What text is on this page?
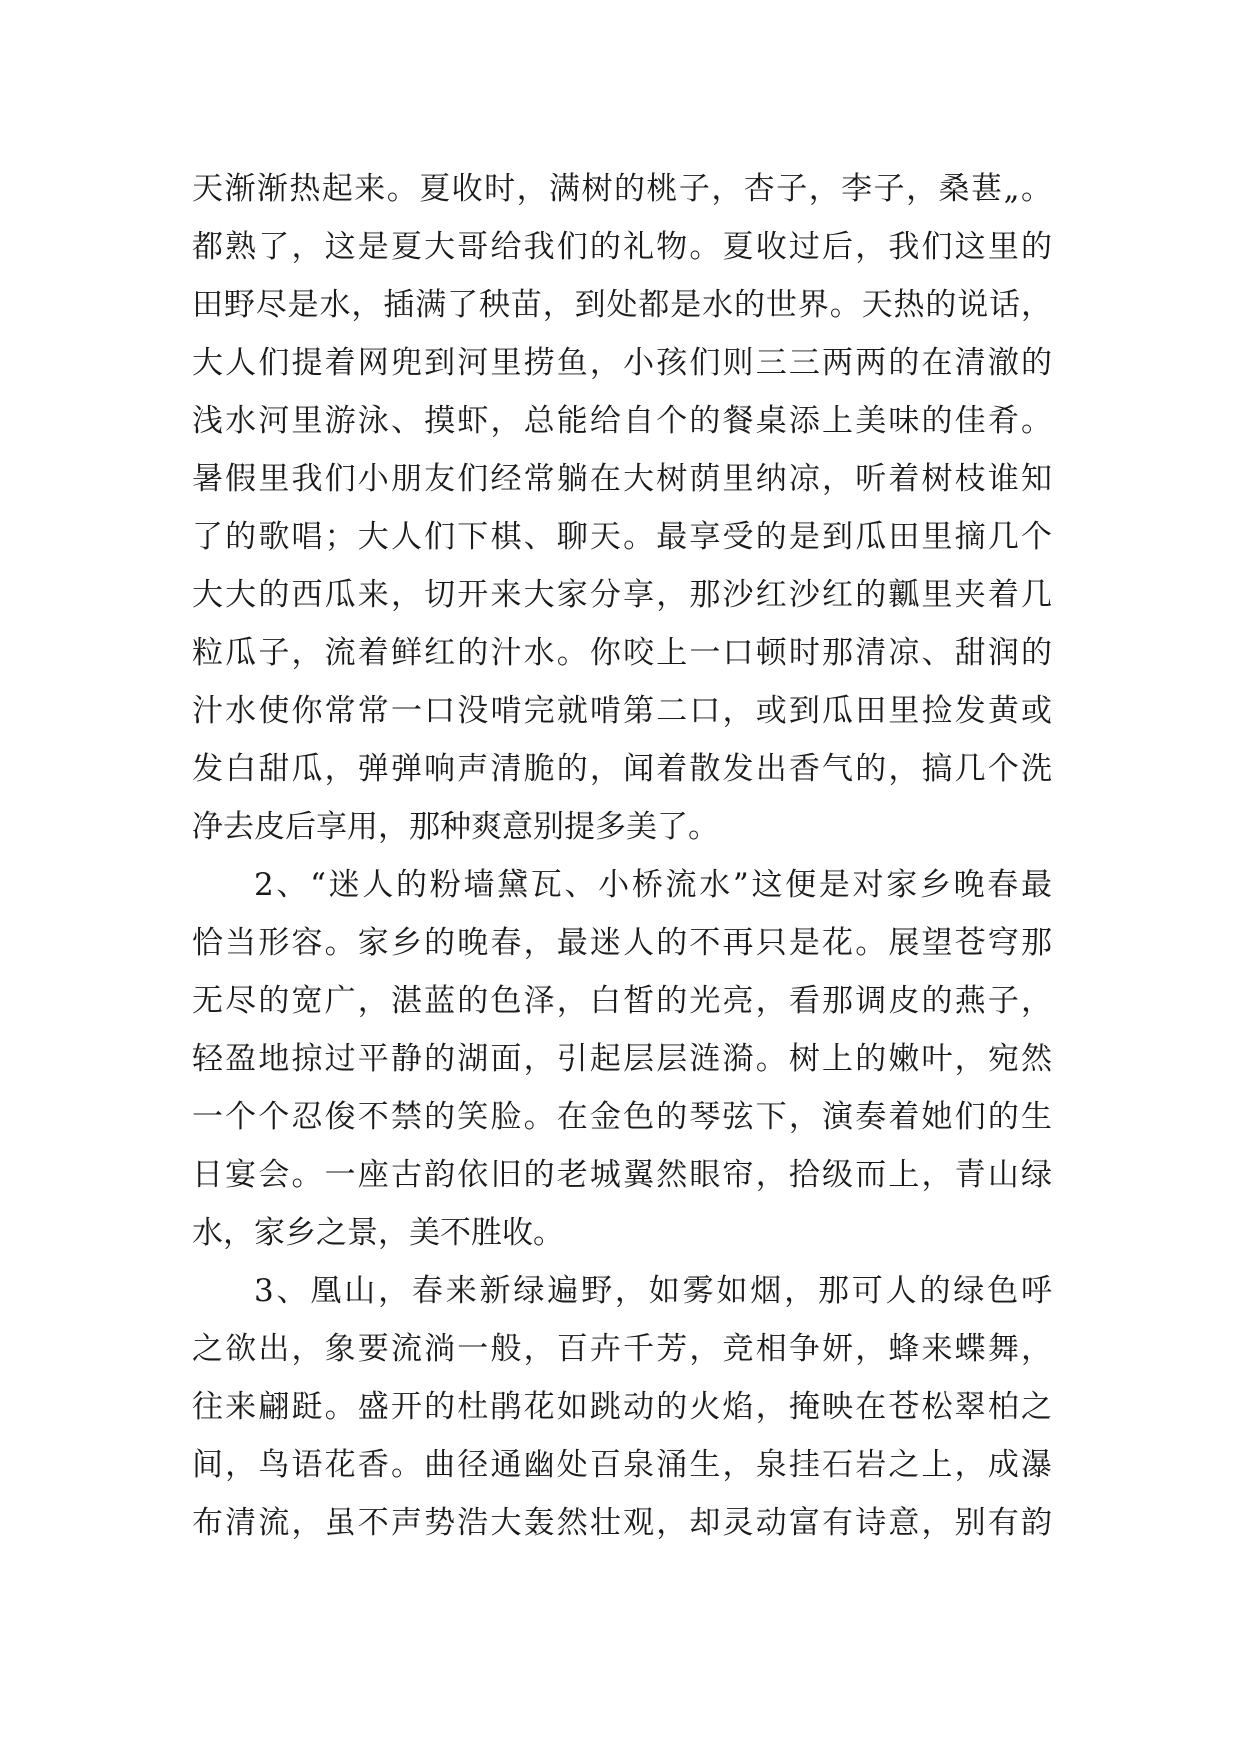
天渐渐热起来。夏收时，满树的桃子，杏子，李子，桑葚„。
都熟了，这是夏大哥给我们的礼物。夏收过后，我们这里的
田野尽是水，插满了秧苗，到处都是水的世界。天热的说话，
大人们提着网兜到河里捞鱼，小孩们则三三两两的在清澈的
浅水河里游泳、摸虾，总能给自个的餐桌添上美味的佳肴。
暑假里我们小朋友们经常躺在大树荫里纳凉，听着树枝谁知
了的歌唱；大人们下棋、聊天。最享受的是到瓜田里摘几个
大大的西瓜来，切开来大家分享，那沙红沙红的瓤里夹着几
粒瓜子，流着鲜红的汁水。你咬上一口顿时那清凉、甜润的
汁水使你常常一口没啃完就啃第二口，或到瓜田里捡发黄或
发白甜瓜，弹弹响声清脆的，闻着散发出香气的，搞几个洗
净去皮后享用，那种爽意别提多美了。
2、“迷人的粉墙黛瓦、小桥流水”这便是对家乡晚春最
恰当形容。家乡的晚春，最迷人的不再只是花。展望苍穹那
无尽的宽广，湛蓝的色泽，白皙的光亮，看那调皮的燕子，
轻盈地掠过平静的湖面，引起层层涟漪。树上的嫩叶，宛然
一个个忍俊不禁的笑脸。在金色的琴弦下，演奏着她们的生
日宴会。一座古韵依旧的老城翼然眼帘，拾级而上，青山绿
水，家乡之景，美不胜收。
3、凰山，春来新绿遍野，如雾如烟，那可人的绿色呼
之欲出，象要流淌一般，百卉千芳，竞相争妍，蜂来蝶舞，
往来翩跹。盛开的杜鹃花如跳动的火焰，掩映在苍松翠柏之
间，鸟语花香。曲径通幽处百泉涌生，泉挂石岩之上，成瀑
布清流，虽不声势浩大轰然壮观，却灵动富有诗意，别有韵
